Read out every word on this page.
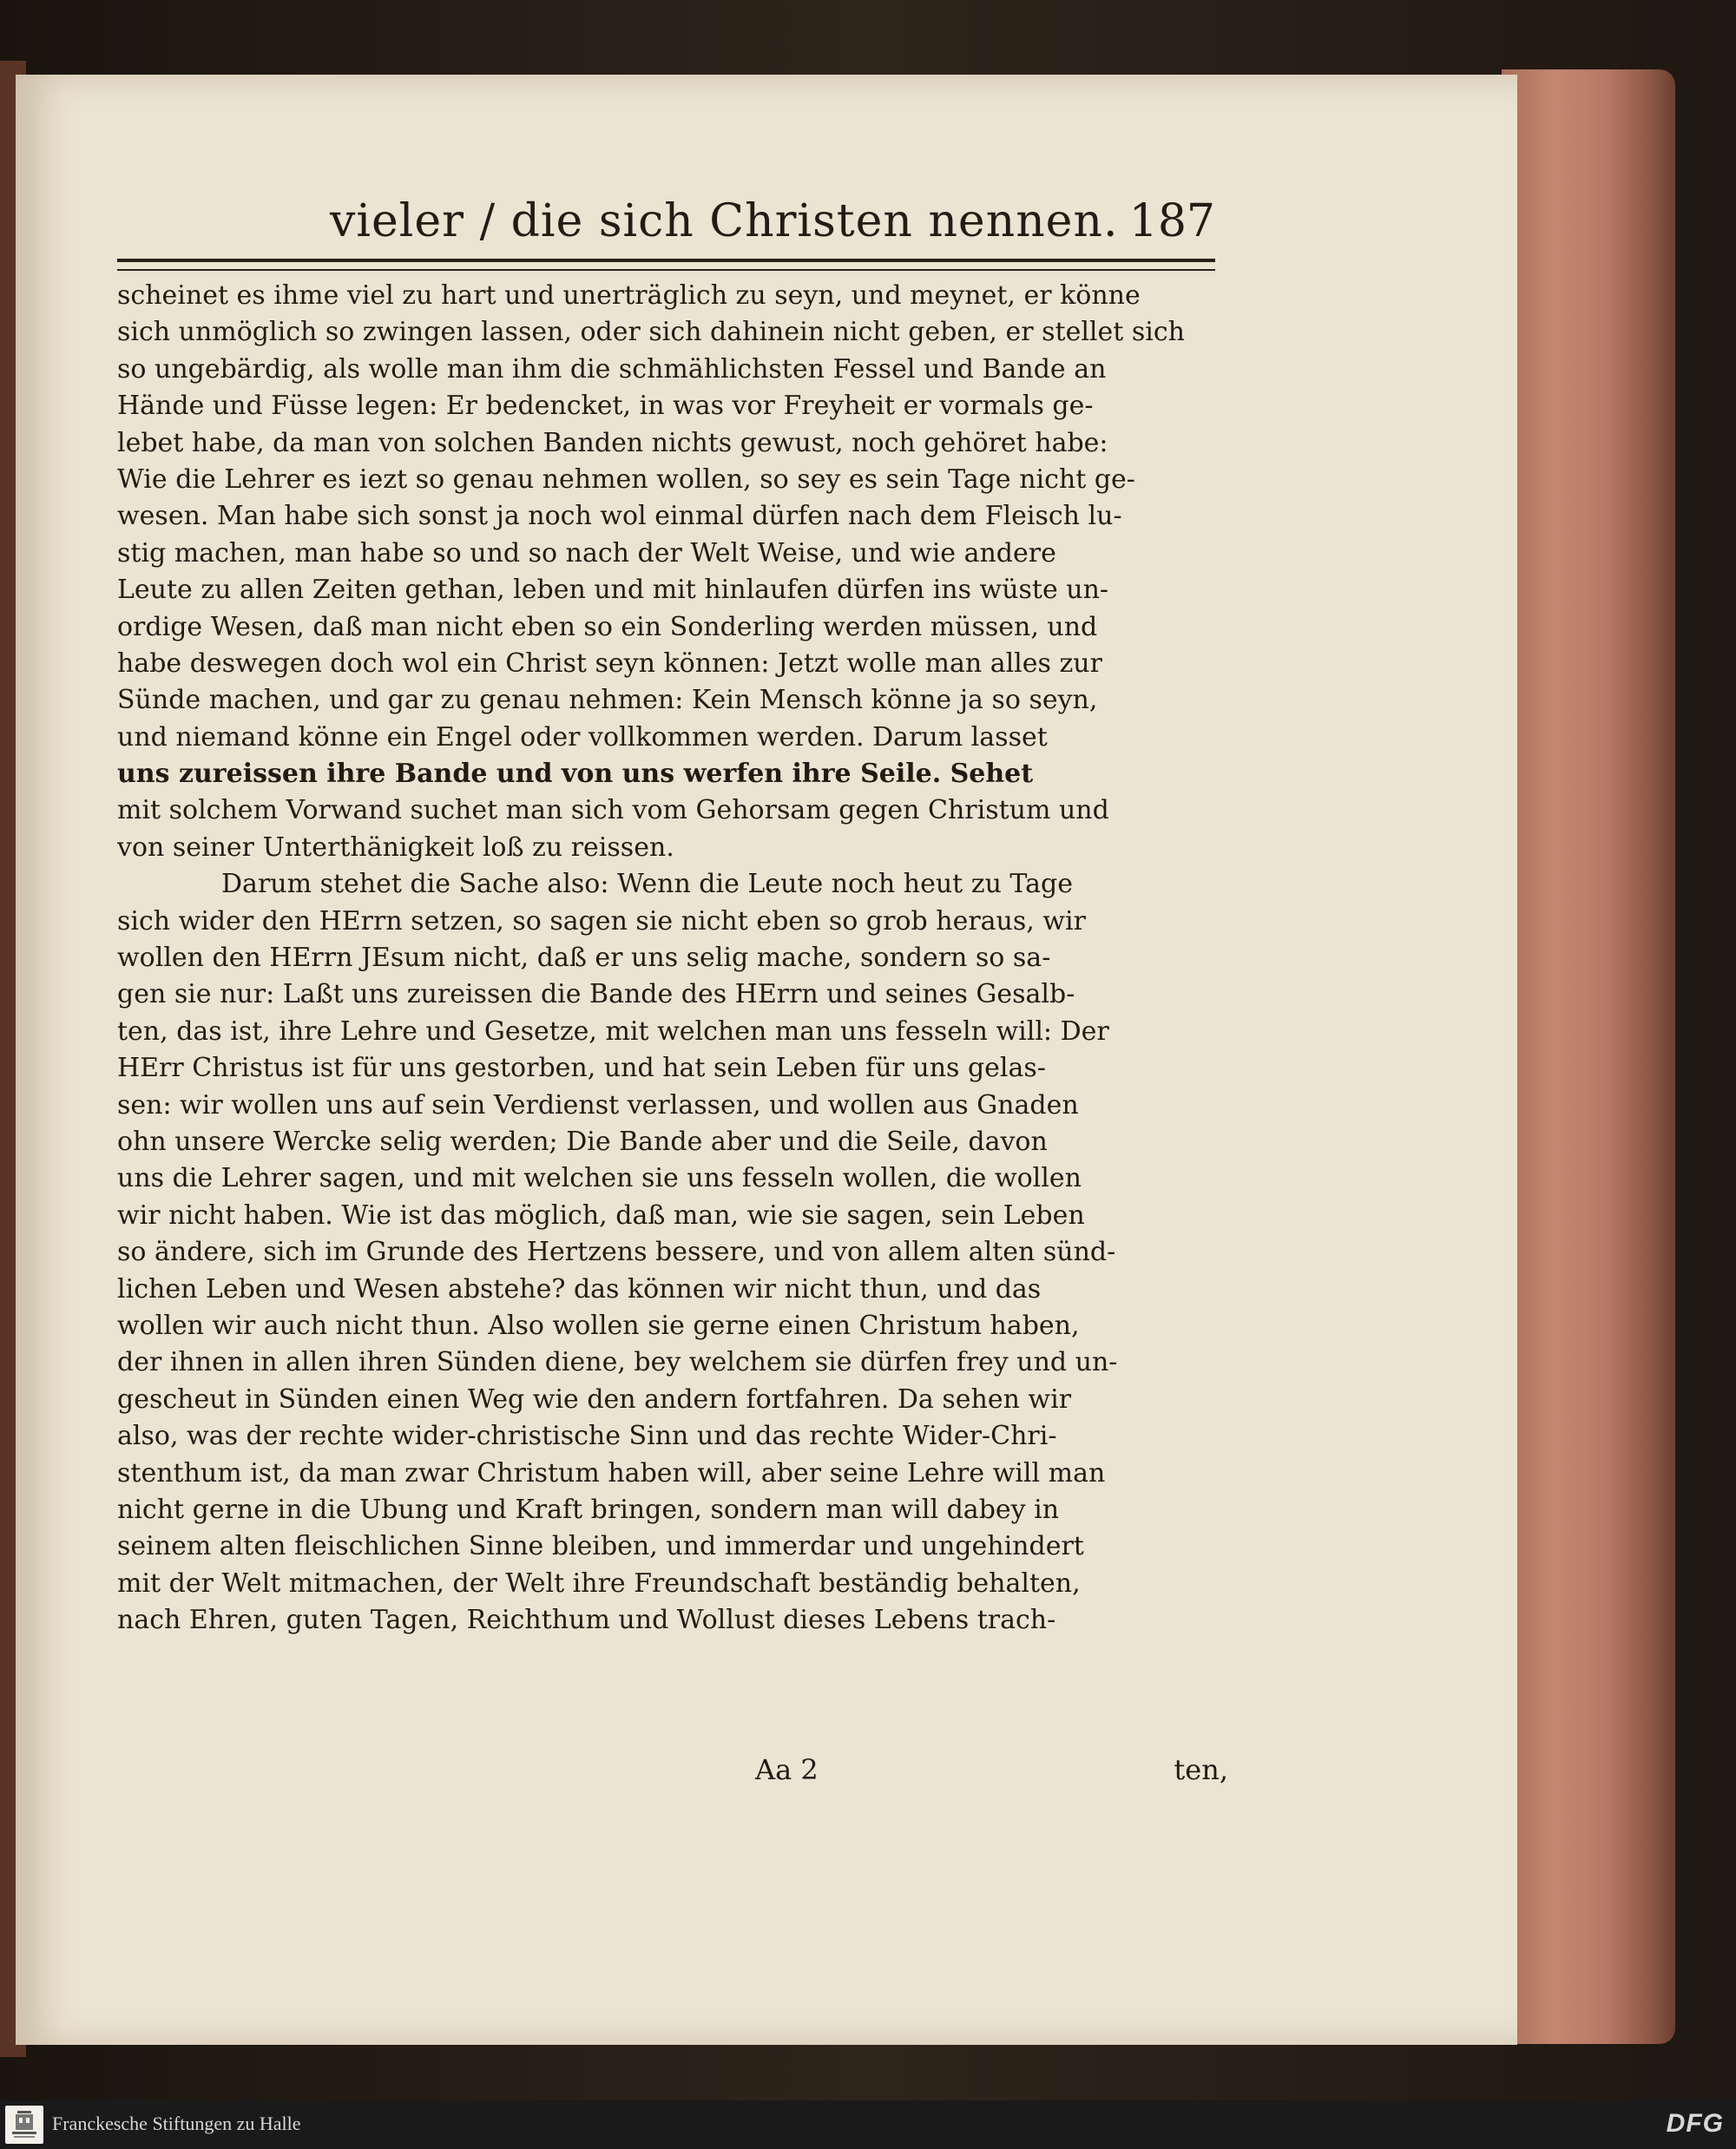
vieler / die sich Christen nennen. 187
scheinet es ihme viel zu hart und unerträglich zu seyn, und meynet, er könne
sich unmöglich so zwingen lassen, oder sich dahinein nicht geben, er stellet sich
so ungebärdig, als wolle man ihm die schmählichsten Fessel und Bande an
Hände und Füsse legen: Er bedencket, in was vor Freyheit er vormals ge-
lebet habe, da man von solchen Banden nichts gewust, noch gehöret habe:
Wie die Lehrer es iezt so genau nehmen wollen, so sey es sein Tage nicht ge-
wesen. Man habe sich sonst ja noch wol einmal dürfen nach dem Fleisch lu-
stig machen, man habe so und so nach der Welt Weise, und wie andere
Leute zu allen Zeiten gethan, leben und mit hinlaufen dürfen ins wüste un-
ordige Wesen, daß man nicht eben so ein Sonderling werden müssen, und
habe deswegen doch wol ein Christ seyn können: Jetzt wolle man alles zur
Sünde machen, und gar zu genau nehmen: Kein Mensch könne ja so seyn,
und niemand könne ein Engel oder vollkommen werden. Darum lasset
uns zureissen ihre Bande und von uns werfen ihre Seile. Sehet
mit solchem Vorwand suchet man sich vom Gehorsam gegen Christum und
von seiner Unterthänigkeit loß zu reissen.
Darum stehet die Sache also: Wenn die Leute noch heut zu Tage
sich wider den HErrn setzen, so sagen sie nicht eben so grob heraus, wir
wollen den HErrn JEsum nicht, daß er uns selig mache, sondern so sa-
gen sie nur: Laßt uns zureissen die Bande des HErrn und seines Gesalb-
ten, das ist, ihre Lehre und Gesetze, mit welchen man uns fesseln will: Der
HErr Christus ist für uns gestorben, und hat sein Leben für uns gelas-
sen: wir wollen uns auf sein Verdienst verlassen, und wollen aus Gnaden
ohn unsere Wercke selig werden; Die Bande aber und die Seile, davon
uns die Lehrer sagen, und mit welchen sie uns fesseln wollen, die wollen
wir nicht haben. Wie ist das möglich, daß man, wie sie sagen, sein Leben
so ändere, sich im Grunde des Hertzens bessere, und von allem alten sünd-
lichen Leben und Wesen abstehe? das können wir nicht thun, und das
wollen wir auch nicht thun. Also wollen sie gerne einen Christum haben,
der ihnen in allen ihren Sünden diene, bey welchem sie dürfen frey und un-
gescheut in Sünden einen Weg wie den andern fortfahren. Da sehen wir
also, was der rechte wider-christische Sinn und das rechte Wider-Chri-
stenthum ist, da man zwar Christum haben will, aber seine Lehre will man
nicht gerne in die Ubung und Kraft bringen, sondern man will dabey in
seinem alten fleischlichen Sinne bleiben, und immerdar und ungehindert
mit der Welt mitmachen, der Welt ihre Freundschaft beständig behalten,
nach Ehren, guten Tagen, Reichthum und Wollust dieses Lebens trach-
Aa 2	ten,
Franckesche Stiftungen zu Halle	DFG
